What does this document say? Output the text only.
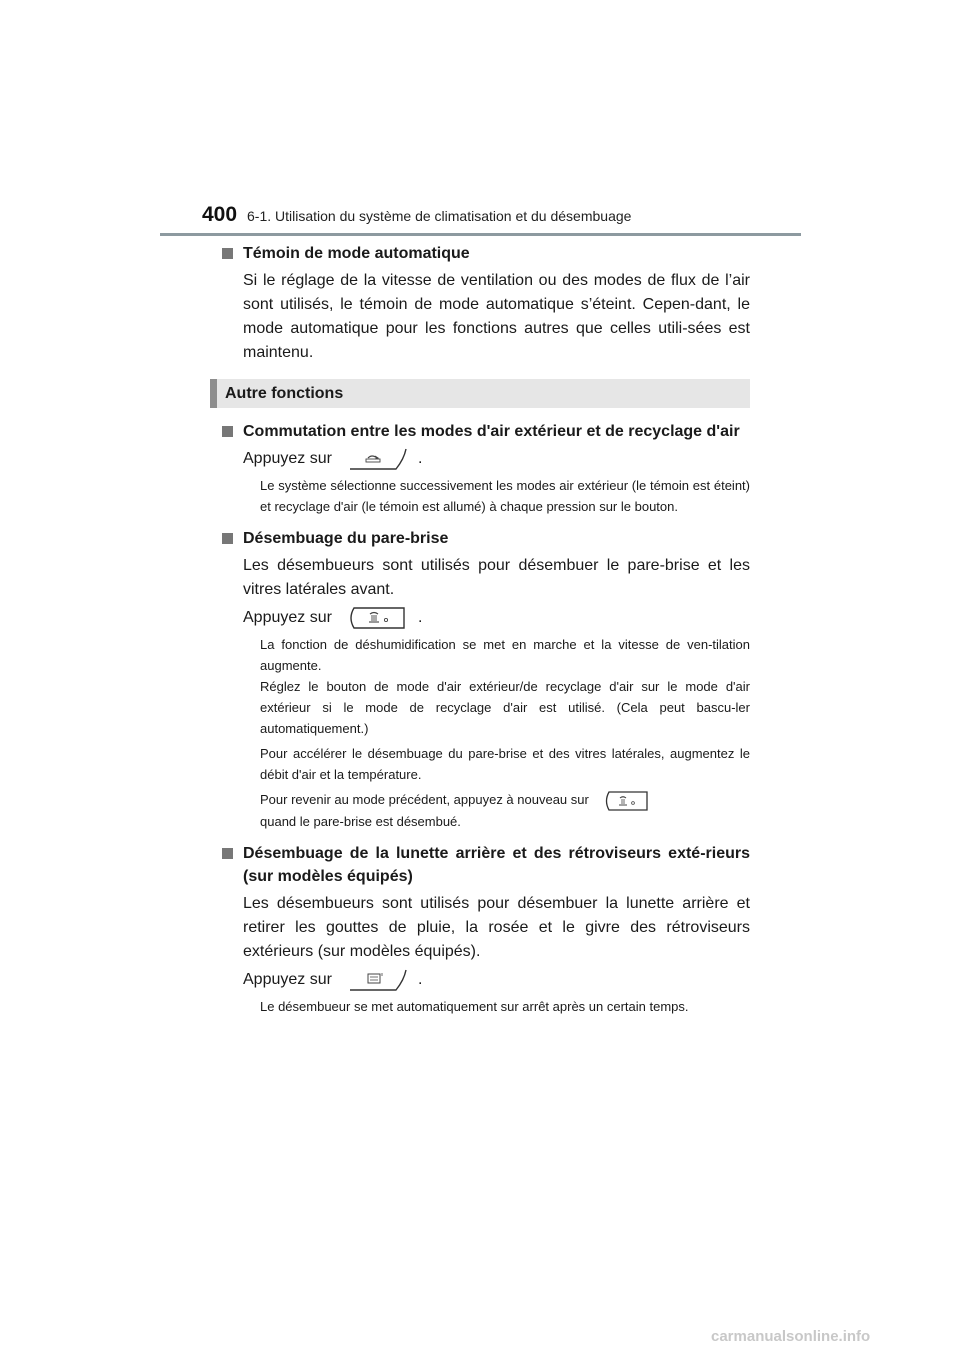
400 6-1. Utilisation du système de climatisation et du désembuage
Témoin de mode automatique
Si le réglage de la vitesse de ventilation ou des modes de flux de l’air sont utilisés, le témoin de mode automatique s’éteint. Cepen-dant, le mode automatique pour les fonctions autres que celles utili-sées est maintenu.
Autre fonctions
Commutation entre les modes d'air extérieur et de recyclage d'air
Appuyez sur	.
Le système sélectionne successivement les modes air extérieur (le témoin est éteint) et recyclage d'air (le témoin est allumé) à chaque pression sur le bouton.
Désembuage du pare-brise
Les désembueurs sont utilisés pour désembuer le pare-brise et les vitres latérales avant.
Appuyez sur	.
La fonction de déshumidification se met en marche et la vitesse de ven-tilation augmente.
Réglez le bouton de mode d'air extérieur/de recyclage d'air sur le mode d'air extérieur si le mode de recyclage d'air est utilisé. (Cela peut bascu-ler automatiquement.)
Pour accélérer le désembuage du pare-brise et des vitres latérales, augmentez le débit d'air et la température.
Pour revenir au mode précédent, appuyez à nouveau sur
quand le pare-brise est désembué.
Désembuage de la lunette arrière et des rétroviseurs exté-rieurs (sur modèles équipés)
Les désembueurs sont utilisés pour désembuer la lunette arrière et retirer les gouttes de pluie, la rosée et le givre des rétroviseurs extérieurs (sur modèles équipés).
Appuyez sur	.
Le désembueur se met automatiquement sur arrêt après un certain temps.
carmanualsonline.info
